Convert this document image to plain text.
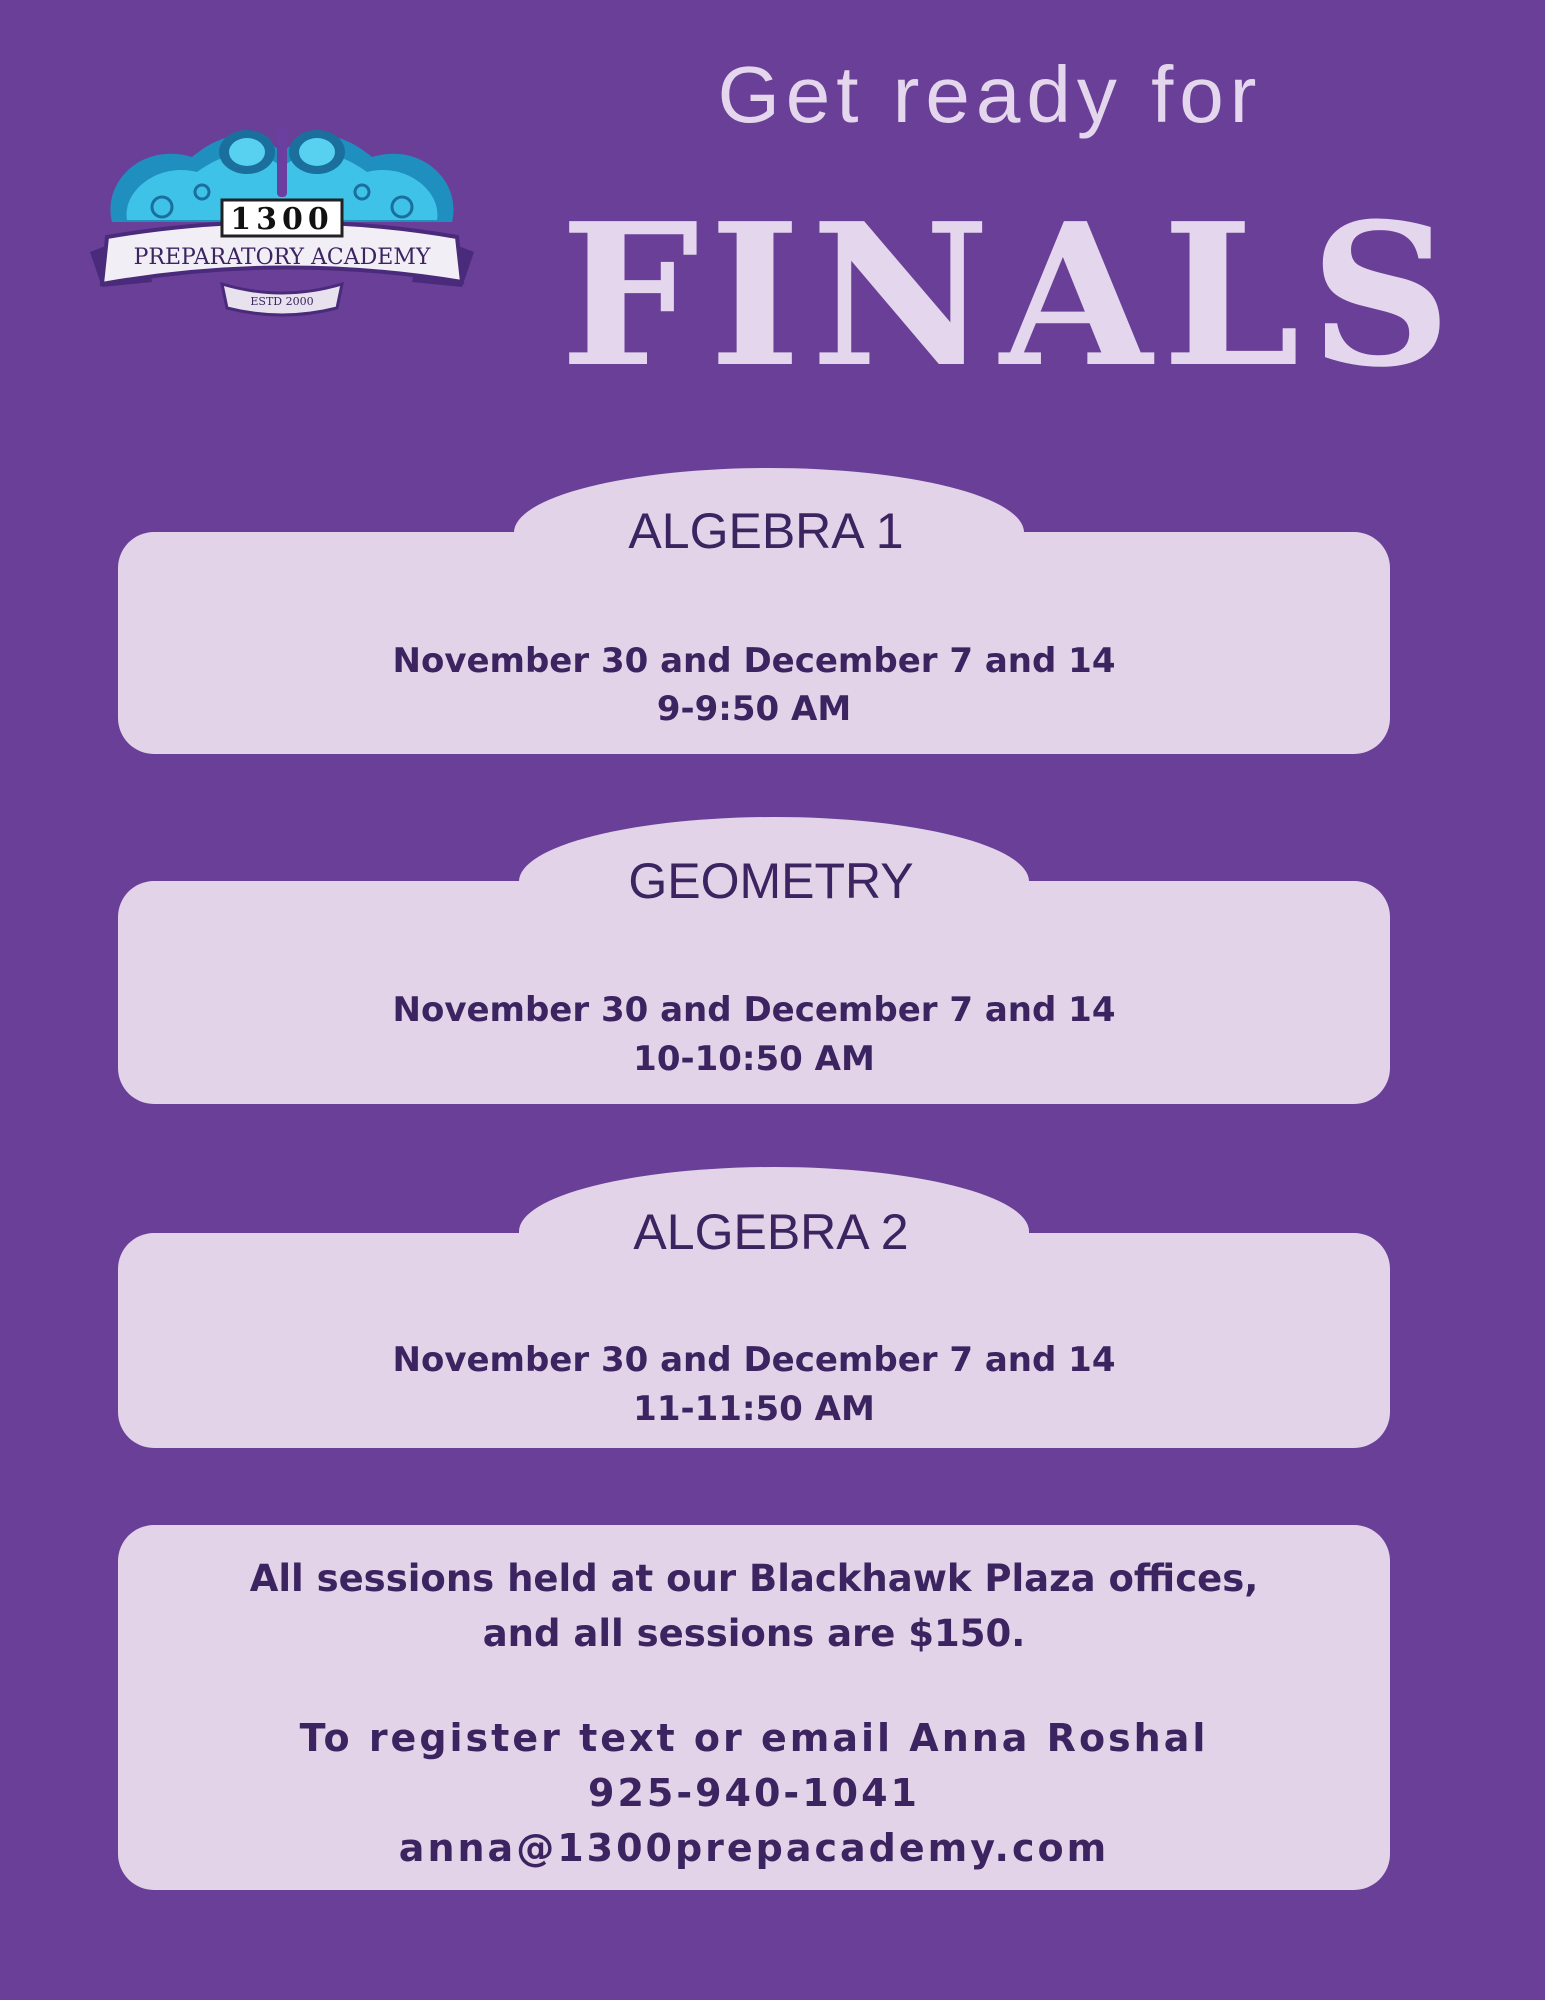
1300
PREPARATORY ACADEMY
ESTD 2000
Get ready for
FINALS
November 30 and December 7 and 14
9-9:50 AM
ALGEBRA 1
November 30 and December 7 and 14
10-10:50 AM
GEOMETRY
November 30 and December 7 and 14
11-11:50 AM
ALGEBRA 2
All sessions held at our Blackhawk Plaza offices,
and all sessions are $150.
To register text or email Anna Roshal
925-940-1041
anna@1300prepacademy.com
